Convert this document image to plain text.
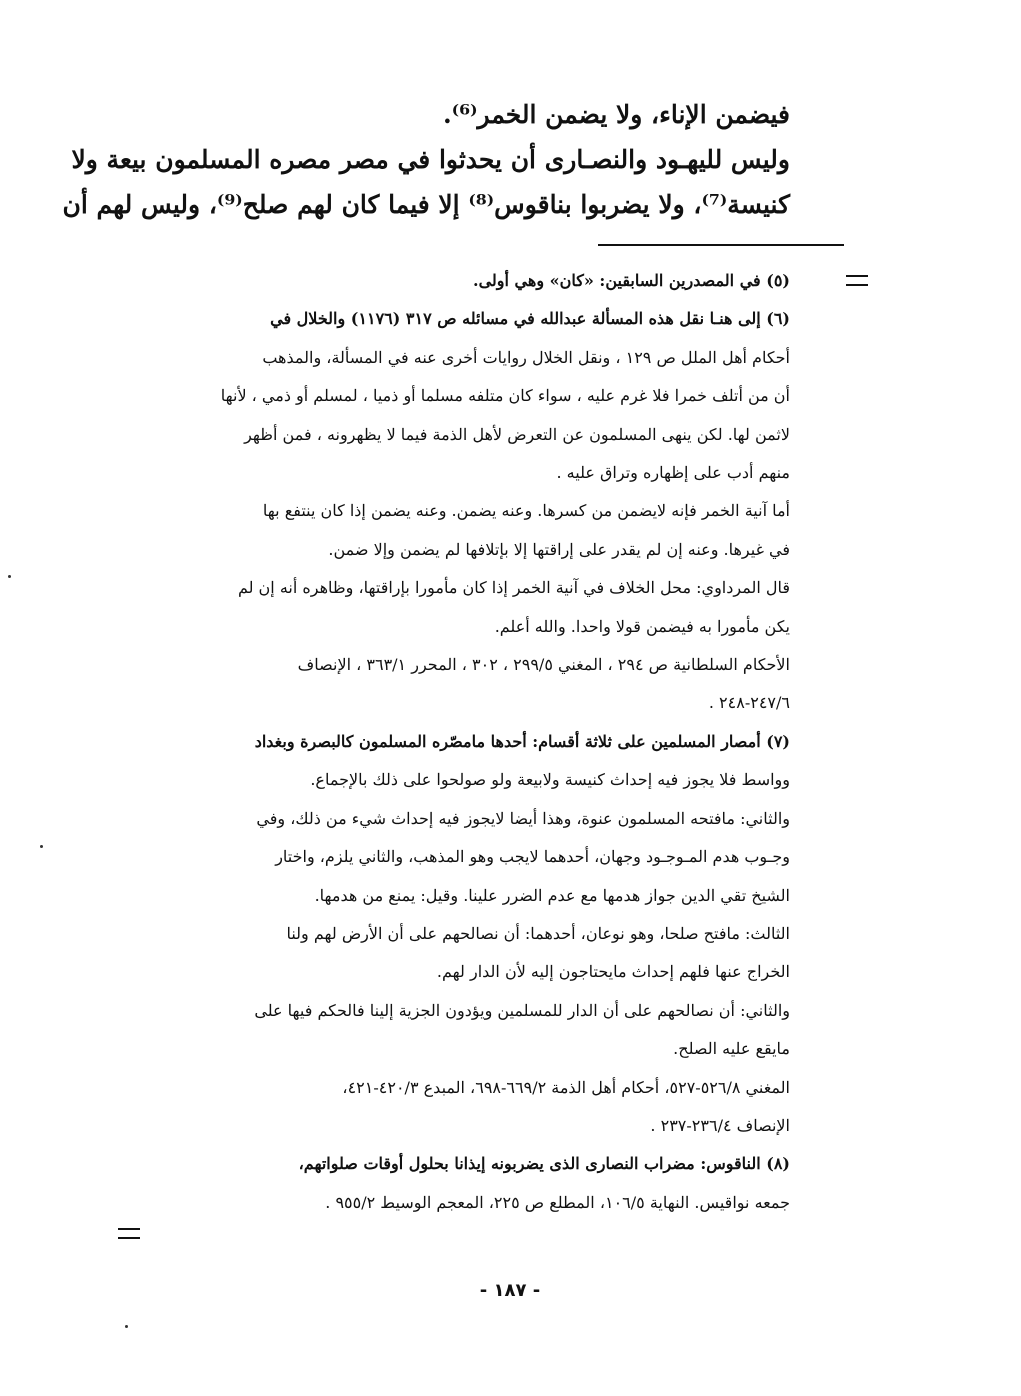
فيضمن الإناء، ولا يضمن الخمر⁽⁶⁾.

وليس لليهـود والنصـارى أن يحدثوا في مصر مصره المسلمون بيعة ولا

كنيسة⁽⁷⁾، ولا يضربوا بناقوس⁽⁸⁾ إلا فيما كان لهم صلح⁽⁹⁾، وليس لهم أن

(٥) في المصدرين السابقين: «كان» وهي أولى.

(٦) إلى هنـا نقل هذه المسألة عبدالله في مسائله ص ٣١٧ (١١٧٦) والخلال في

أحكام أهل الملل ص ١٢٩ ، ونقل الخلال روايات أخرى عنه في المسألة، والمذهب

أن من أتلف خمرا فلا غرم عليه ، سواء كان متلفه مسلما أو ذميا ، لمسلم أو ذمي ، لأنها

لاثمن لها. لكن ينهى المسلمون عن التعرض لأهل الذمة فيما لا يظهرونه ، فمن أظهر

منهم أدب على إظهاره وتراق عليه .

أما آنية الخمر فإنه لايضمن من كسرها. وعنه يضمن. وعنه يضمن إذا كان ينتفع بها

في غيرها. وعنه إن لم يقدر على إراقتها إلا بإتلافها لم يضمن وإلا ضمن.

قال المرداوي: محل الخلاف في آنية الخمر إذا كان مأمورا بإراقتها، وظاهره أنه إن لم

يكن مأمورا به فيضمن قولا واحدا. والله أعلم.

الأحكام السلطانية ص ٢٩٤ ، المغني ٢٩٩/٥ ، ٣٠٢ ، المحرر ٣٦٣/١ ، الإنصاف

٢٤٧/٦-٢٤٨ .

(٧) أمصار المسلمين على ثلاثة أقسام: أحدها مامصّره المسلمون كالبصرة وبغداد

وواسط فلا يجوز فيه إحداث كنيسة ولابيعة ولو صولحوا على ذلك بالإجماع.

والثاني: مافتحه المسلمون عنوة، وهذا أيضا لايجوز فيه إحداث شيء من ذلك، وفي

وجـوب هدم المـوجـود وجهان، أحدهما لايجب وهو المذهب، والثاني يلزم، واختار

الشيخ تقي الدين جواز هدمها مع عدم الضرر علينا. وقيل: يمنع من هدمها.

الثالث: مافتح صلحا، وهو نوعان، أحدهما: أن نصالحهم على أن الأرض لهم ولنا

الخراج عنها فلهم إحداث مايحتاجون إليه لأن الدار لهم.

والثاني: أن نصالحهم على أن الدار للمسلمين ويؤدون الجزية إلينا فالحكم فيها على

مايقع عليه الصلح.

المغني ٥٢٦/٨-٥٢٧، أحكام أهل الذمة ٦٦٩/٢-٦٩٨، المبدع ٤٢٠/٣-٤٢١،

الإنصاف ٢٣٦/٤-٢٣٧ .

(٨) الناقوس: مضراب النصارى الذى يضربونه إيذانا بحلول أوقات صلواتهم،

جمعه نواقيس. النهاية ١٠٦/٥، المطلع ص ٢٢٥، المعجم الوسيط ٩٥٥/٢ .

- ١٨٧ -
